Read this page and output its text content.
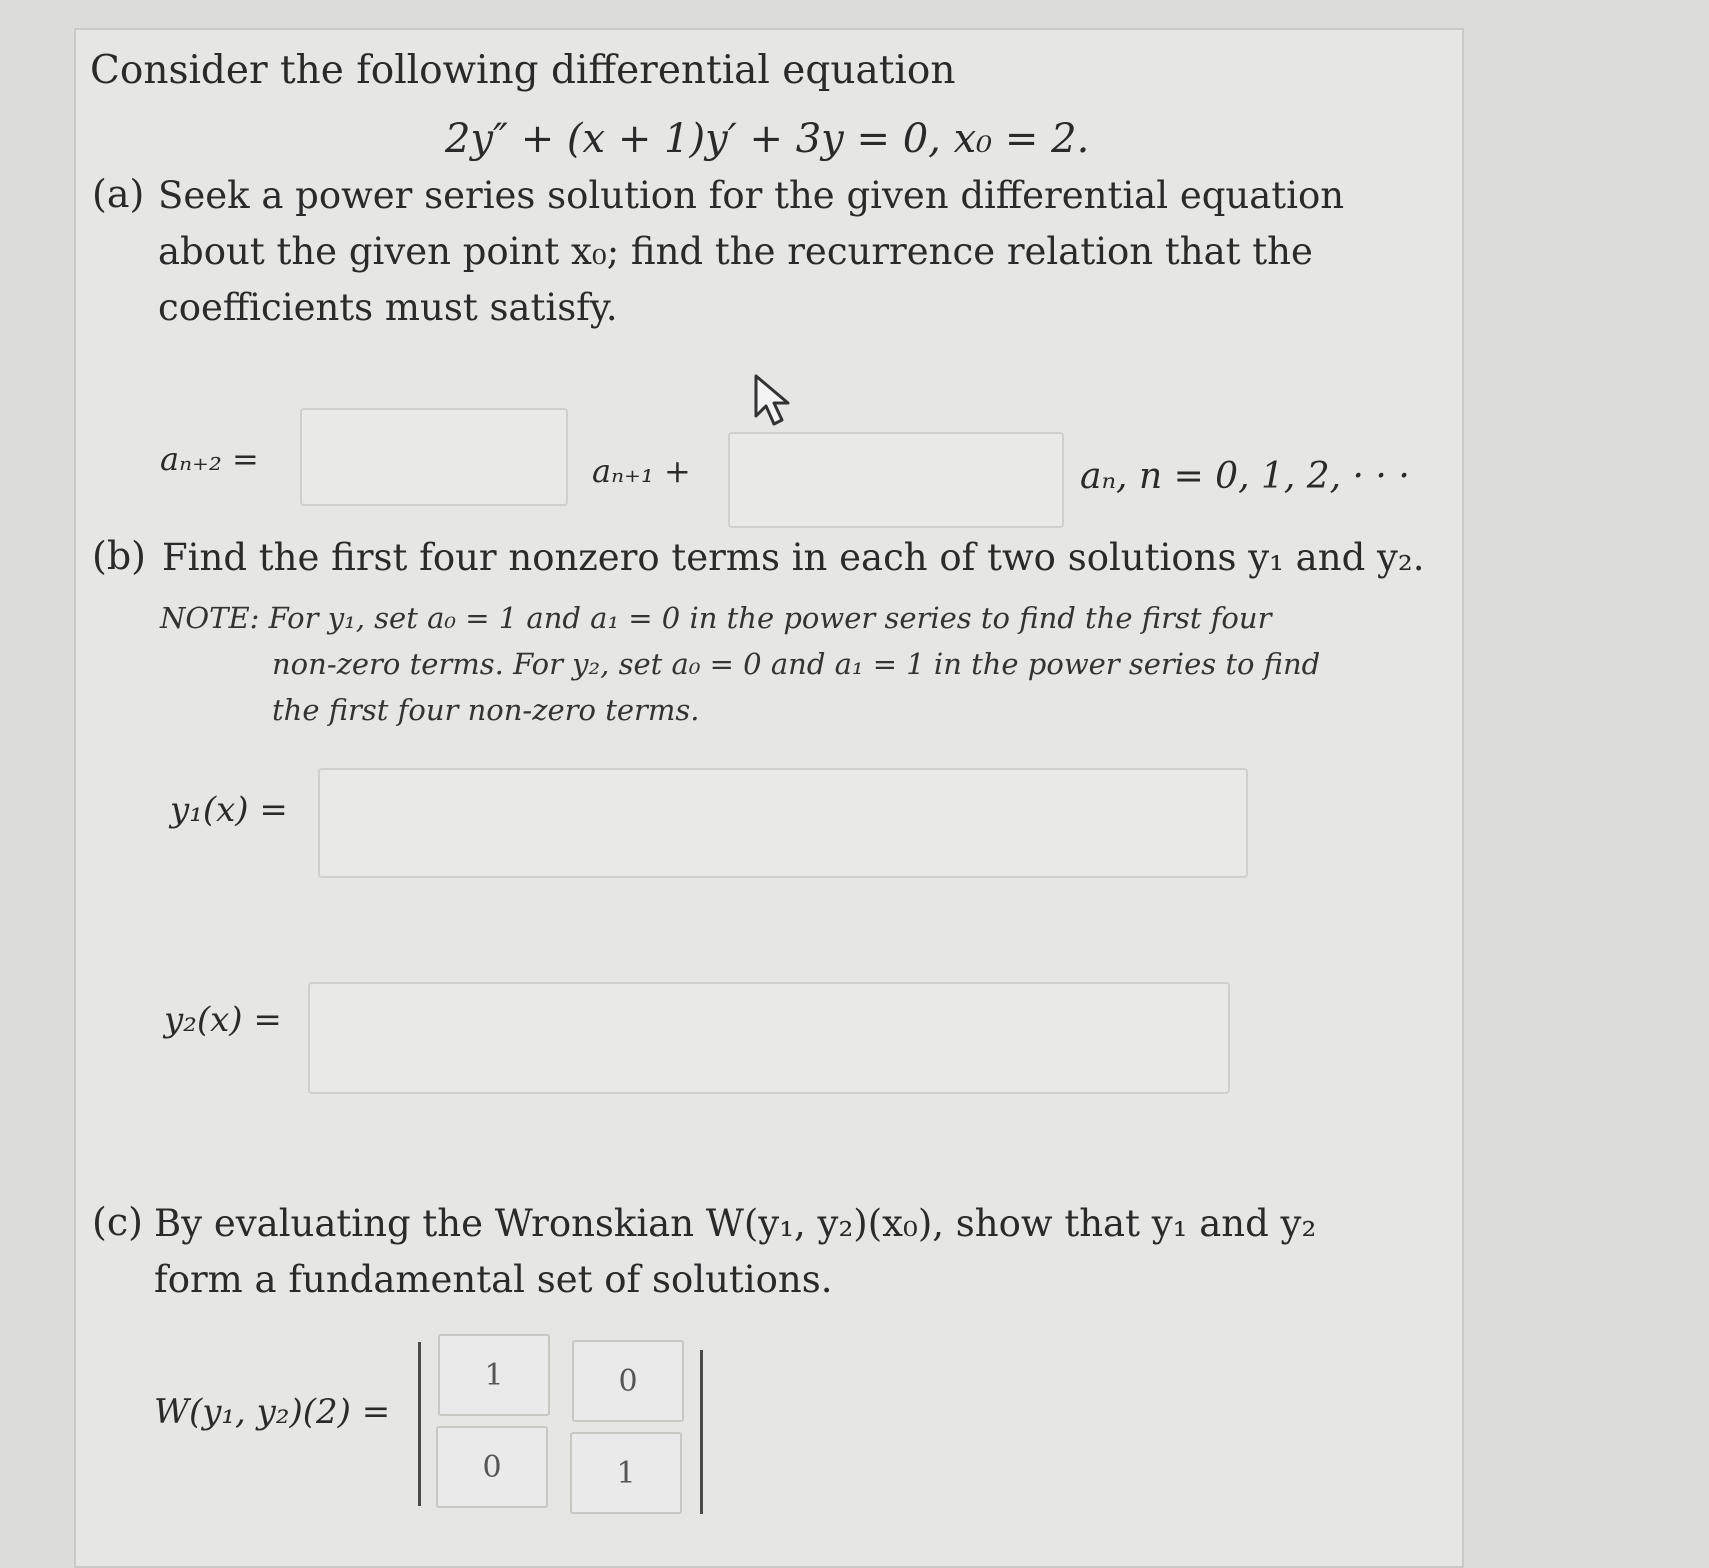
Consider the following differential equation
2y″ + (x + 1)y′ + 3y = 0, x₀ = 2.
(a) Seek a power series solution for the given differential equation
about the given point x₀; find the recurrence relation that the
coefficients must satisfy.
aₙ₊₂ =	aₙ₊₁ +	aₙ, n = 0, 1, 2, · · ·
(b) Find the first four nonzero terms in each of two solutions y₁ and y₂.
NOTE: For y₁, set a₀ = 1 and a₁ = 0 in the power series to find the first four
non-zero terms. For y₂, set a₀ = 0 and a₁ = 1 in the power series to find
the first four non-zero terms.
y₁(x) =
y₂(x) =
(c) By evaluating the Wronskian W(y₁, y₂)(x₀), show that y₁ and y₂
form a fundamental set of solutions.
W(y₁, y₂)(2) =
1	0
0	1
